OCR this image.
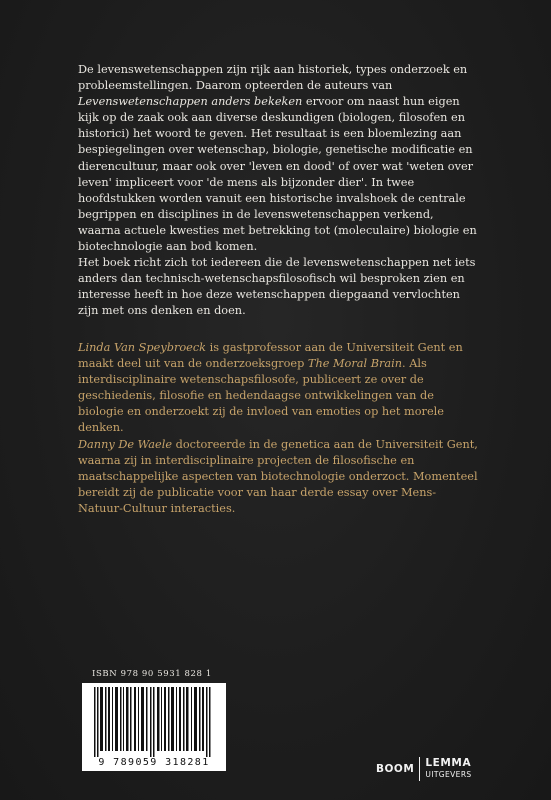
De levenswetenschappen zijn rijk aan historiek, types onderzoek en probleemstellingen. Daarom opteerden de auteurs van Levenswetenschappen anders bekeken ervoor om naast hun eigen kijk op de zaak ook aan diverse deskundigen (biologen, filosofen en historici) het woord te geven. Het resultaat is een bloemlezing aan bespiegelingen over wetenschap, biologie, genetische modificatie en dierencultuur, maar ook over 'leven en dood' of over wat 'weten over leven' impliceert voor 'de mens als bijzonder dier'. In twee hoofdstukken worden vanuit een historische invalshoek de centrale begrippen en disciplines in de levenswetenschappen verkend, waarna actuele kwesties met betrekking tot (moleculaire) biologie en biotechnologie aan bod komen.

Het boek richt zich tot iedereen die de levenswetenschappen net iets anders dan technisch-wetenschapsfilosofisch wil besproken zien en interesse heeft in hoe deze wetenschappen diepgaand vervlochten zijn met ons denken en doen.

Linda Van Speybroeck is gastprofessor aan de Universiteit Gent en maakt deel uit van de onderzoeksgroep The Moral Brain. Als interdisciplinaire wetenschapsfilosofe, publiceert ze over de geschiedenis, filosofie en hedendaagse ontwikkelingen van de biologie en onderzoekt zij de invloed van emoties op het morele denken.

Danny De Waele doctoreerde in de genetica aan de Universiteit Gent, waarna zij in interdisciplinaire projecten de filosofische en maatschappelijke aspecten van biotechnologie onderzoct. Momenteel bereidt zij de publicatie voor van haar derde essay over Mens-Natuur-Cultuur interacties.

ISBN 978 90 5931 828 1
9 789059 318281
BOOM	LEMMA
UITGEVERS
